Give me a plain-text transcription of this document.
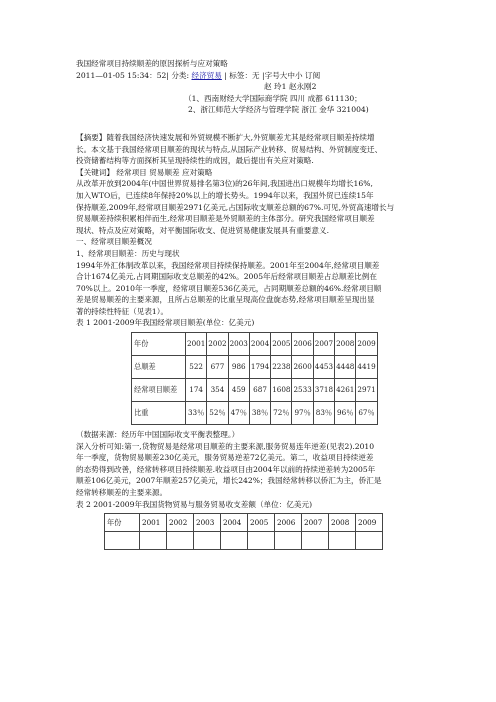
我国经常项目持续顺差的原因探析与应对策略
2011—01-05 15:34：52| 分类: 经济贸易 | 标签：无 |字号大中小 订阅
赵 玲1 赵永刚2
（1、西南财经大学国际商学院 四川 成都 611130；
2、浙江师范大学经济与管理学院 浙江 金华 321004)
【摘要】随着我国经济快速发展和外贸规模不断扩大,外贸顺差尤其是经常项目顺差持续增
长。本文基于我国经常项目顺差的现状与特点,从国际产业转移、贸易结构、外贸制度变迁、
投资储蓄结构等方面探析其呈现持续性的成因，最后提出有关应对策略.
【关键词】 经常项目 贸易顺差 应对策略
从改革开放到2004年(中国世界贸易排名第3位)的26年间,我国进出口规模年均增长16%,
加入WTO后，已连续8年保持20%以上的增长势头。1994年以来，我国外贸已连续15年
保持顺差,2009年,经常项目顺差2971亿美元,占国际收支顺差总额的67%.可见,外贸高速增长与
贸易顺差持续积累相伴而生,经常项目顺差是外贸顺差的主体部分。研究我国经常项目顺差
现状、特点及应对策略，对平衡国际收支、促进贸易健康发展具有重要意义.
一、经常项目顺差概况
1、经常项目顺差：历史与现状
1994年外汇体制改革以来，我国经常项目持续保持顺差。2001年至2004年,经常项目顺差
合计1674亿美元,占同期国际收支总顺差的42%。2005年后经常项目顺差占总顺差比例在
70%以上。2010年一季度，经常项目顺差536亿美元，占同期顺差总额的46%.经常项目顺
差是贸易顺差的主要来源，且所占总顺差的比重呈现高位盘旋态势,经常项目顺差呈现出显
著的持续性特征（见表1）。
表 1 2001-2009年我国经常项目顺差(单位：亿美元)
年份	2001	2002	2003	2004	2005	2006	2007	2008	2009
总顺差	522	677	986	1794	2238	2600	4453	4448	4419
经常项目顺差	174	354	459	687	1608	2533	3718	4261	2971
比重	33％	52％	47％	38％	72％	97％	83％	96％	67％
（数据来源：经历年中国国际收支平衡表整理。）
深入分析可知:第一,货物贸易是经常项目顺差的主要来源,服务贸易连年逆差(见表2).2010
年一季度，货物贸易顺差230亿美元，服务贸易逆差72亿美元。第二，收益项目持续逆差
的态势得到改善，经常转移项目持续顺差.收益项目由2004年以前的持续逆差转为2005年
顺差106亿美元，2007年顺差257亿美元，增长242%；我国经常转移以侨汇为主，侨汇是
经常转移顺差的主要来源。
表 2 2001-2009年我国货物贸易与服务贸易收支差额（单位：亿美元)
年份	2001	2002	2003	2004	2005	2006	2007	2008	2009
